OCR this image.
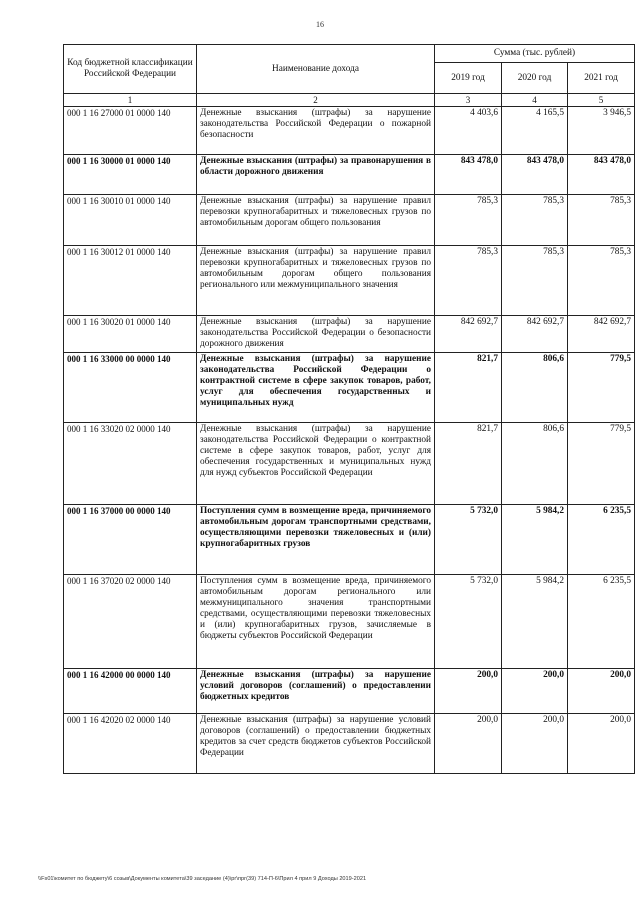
16
Код бюджетной классификации Российской Федерации	Наименование дохода	Сумма (тыс. рублей)		
		2019 год	2020 год	2021 год
1	2	3	4	5
000 1 16 27000 01 0000 140	Денежные взыскания (штрафы) за нарушение законодательства Российской Федерации о пожарной безопасности	4 403,6	4 165,5	3 946,5
000 1 16 30000 01 0000 140	Денежные взыскания (штрафы) за правонарушения в области дорожного движения	843 478,0	843 478,0	843 478,0
000 1 16 30010 01 0000 140	Денежные взыскания (штрафы) за нарушение правил перевозки крупногабаритных и тяжеловесных грузов по автомобильным дорогам общего пользования	785,3	785,3	785,3
000 1 16 30012 01 0000 140	Денежные взыскания (штрафы) за нарушение правил перевозки крупногабаритных и тяжеловесных грузов по автомобильным дорогам общего пользования регионального или межмуниципального значения	785,3	785,3	785,3
000 1 16 30020 01 0000 140	Денежные взыскания (штрафы) за нарушение законодательства Российской Федерации о безопасности дорожного движения	842 692,7	842 692,7	842 692,7
000 1 16 33000 00 0000 140	Денежные взыскания (штрафы) за нарушение законодательства Российской Федерации о контрактной системе в сфере закупок товаров, работ, услуг для обеспечения государственных и муниципальных нужд	821,7	806,6	779,5
000 1 16 33020 02 0000 140	Денежные взыскания (штрафы) за нарушение законодательства Российской Федерации о контрактной системе в сфере закупок товаров, работ, услуг для обеспечения государственных и муниципальных нужд для нужд субъектов Российской Федерации	821,7	806,6	779,5
000 1 16 37000 00 0000 140	Поступления сумм в возмещение вреда, причиняемого автомобильным дорогам транспортными средствами, осуществляющими перевозки тяжеловесных и (или) крупногабаритных грузов	5 732,0	5 984,2	6 235,5
000 1 16 37020 02 0000 140	Поступления сумм в возмещение вреда, причиняемого автомобильным дорогам регионального или межмуниципального значения транспортными средствами, осуществляющими перевозки тяжеловесных и (или) крупногабаритных грузов, зачисляемые в бюджеты субъектов Российской Федерации	5 732,0	5 984,2	6 235,5
000 1 16 42000 00 0000 140	Денежные взыскания (штрафы) за нарушение условий договоров (соглашений) о предоставлении бюджетных кредитов	200,0	200,0	200,0
000 1 16 42020 02 0000 140	Денежные взыскания (штрафы) за нарушение условий договоров (соглашений) о предоставлении бюджетных кредитов за счет средств бюджетов субъектов Российской Федерации	200,0	200,0	200,0
\\Fs01\комитет по бюджету\6 созыв\Документы комитета\39 заседание (4)\рг\прг(39) 714-П-6\Прил 4 прил 9 Доходы 2019-2021
